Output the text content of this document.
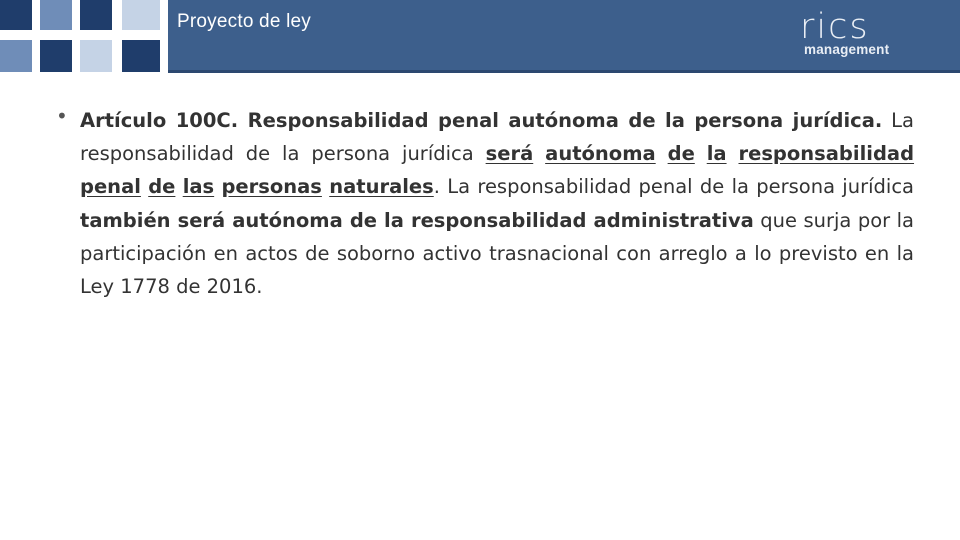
Proyecto de ley	rics
management
• Artículo 100C. Responsabilidad penal autónoma de la persona jurídica. La responsabilidad de la persona jurídica será autónoma de la responsabilidad penal de las personas naturales. La responsabilidad penal de la persona jurídica también será autónoma de la responsabilidad administrativa que surja por la participación en actos de soborno activo trasnacional con arreglo a lo previsto en la Ley 1778 de 2016.
